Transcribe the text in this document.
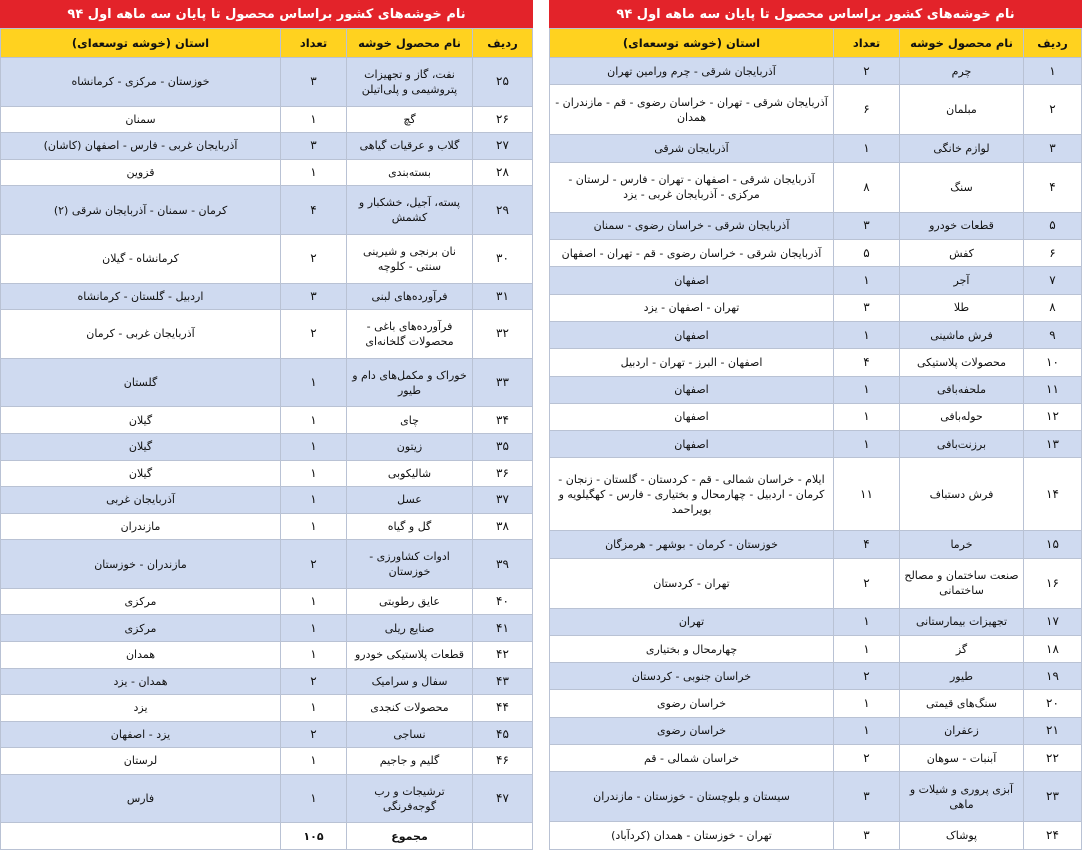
نام خوشه‌های کشور براساس محصول تا پایان سه ماهه اول ۹۴
ردیف	نام محصول خوشه	تعداد	استان (خوشه توسعه‌ای)
۱	چرم	۲	آذربایجان شرقی - چرم ورامین تهران
۲	مبلمان	۶	آذربایجان شرقی - تهران - خراسان رضوی - قم - مازندران - همدان
۳	لوازم خانگی	۱	آذربایجان شرقی
۴	سنگ	۸	آذربایجان شرقی - اصفهان - تهران - فارس - لرستان - مرکزی - آذربایجان غربی - یزد
۵	قطعات خودرو	۳	آذربایجان شرقی - خراسان رضوی - سمنان
۶	کفش	۵	آذربایجان شرقی - خراسان رضوی - قم - تهران - اصفهان
۷	آجر	۱	اصفهان
۸	طلا	۳	تهران - اصفهان - یزد
۹	فرش ماشینی	۱	اصفهان
۱۰	محصولات پلاستیکی	۴	اصفهان - البرز - تهران - اردبیل
۱۱	ملحفه‌بافی	۱	اصفهان
۱۲	حوله‌بافی	۱	اصفهان
۱۳	برزنت‌بافی	۱	اصفهان
۱۴	فرش دستباف	۱۱	ایلام - خراسان شمالی - قم - کردستان - گلستان - زنجان - کرمان - اردبیل - چهارمحال و بختیاری - فارس - کهگیلویه و بویراحمد
۱۵	خرما	۴	خوزستان - کرمان - بوشهر - هرمزگان
۱۶	صنعت ساختمان و مصالح ساختمانی	۲	تهران - کردستان
۱۷	تجهیزات بیمارستانی	۱	تهران
۱۸	گز	۱	چهارمحال و بختیاری
۱۹	طیور	۲	خراسان جنوبی - کردستان
۲۰	سنگ‌های قیمتی	۱	خراسان رضوی
۲۱	زعفران	۱	خراسان رضوی
۲۲	آبنبات - سوهان	۲	خراسان شمالی - قم
۲۳	آبزی پروری و شیلات و ماهی	۳	سیستان و بلوچستان - خوزستان - مازندران
۲۴	پوشاک	۳	تهران - خوزستان - همدان (کردآباد)
نام خوشه‌های کشور براساس محصول تا پایان سه ماهه اول ۹۴
ردیف	نام محصول خوشه	تعداد	استان (خوشه توسعه‌ای)
۲۵	نفت، گاز و تجهیزات پتروشیمی و پلی‌اتیلن	۳	خوزستان - مرکزی - کرمانشاه
۲۶	گچ	۱	سمنان
۲۷	گلاب و عرقیات گیاهی	۳	آذربایجان غربی - فارس - اصفهان (کاشان)
۲۸	بسته‌بندی	۱	قزوین
۲۹	پسته، آجیل، خشکبار و کشمش	۴	کرمان - سمنان - آذربایجان شرقی (۲)
۳۰	نان برنجی و شیرینی سنتی - کلوچه	۲	کرمانشاه - گیلان
۳۱	فرآورده‌های لبنی	۳	اردبیل - گلستان - کرمانشاه
۳۲	فرآورده‌های باغی - محصولات گلخانه‌ای	۲	آذربایجان غربی - کرمان
۳۳	خوراک و مکمل‌های دام و طیور	۱	گلستان
۳۴	چای	۱	گیلان
۳۵	زیتون	۱	گیلان
۳۶	شالیکوبی	۱	گیلان
۳۷	عسل	۱	آذربایجان غربی
۳۸	گل و گیاه	۱	مازندران
۳۹	ادوات کشاورزی - خوزستان	۲	مازندران - خوزستان
۴۰	عایق رطوبتی	۱	مرکزی
۴۱	صنایع ریلی	۱	مرکزی
۴۲	قطعات پلاستیکی خودرو	۱	همدان
۴۳	سفال و سرامیک	۲	همدان - یزد
۴۴	محصولات کنجدی	۱	یزد
۴۵	نساجی	۲	یزد - اصفهان
۴۶	گلیم و جاجیم	۱	لرستان
۴۷	ترشیجات و رب گوجه‌فرنگی	۱	فارس
	مجموع	۱۰۵	
